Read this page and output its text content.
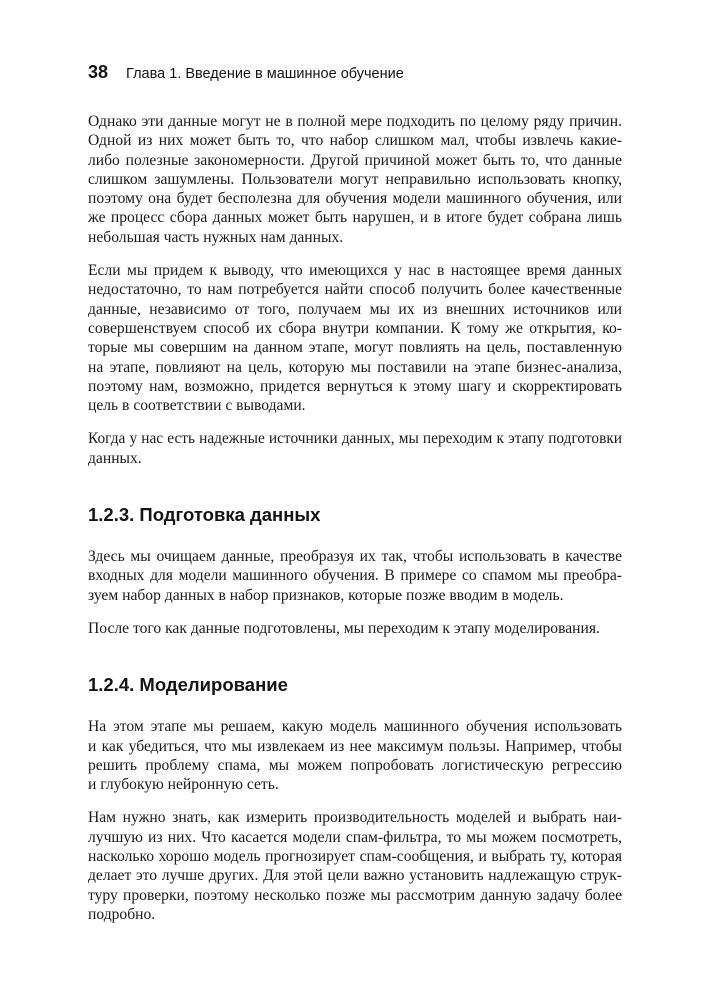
38 Глава 1. Введение в машинное обучение

Однако эти данные могут не в полной мере подходить по целому ряду причин.
Одной из них может быть то, что набор слишком мал, чтобы извлечь какие-
либо полезные закономерности. Другой причиной может быть то, что данные
слишком зашумлены. Пользователи могут неправильно использовать кнопку,
поэтому она будет бесполезна для обучения модели машинного обучения, или
же процесс сбора данных может быть нарушен, и в итоге будет собрана лишь
небольшая часть нужных нам данных.

Если мы придем к выводу, что имеющихся у нас в настоящее время данных
недостаточно, то нам потребуется найти способ получить более качественные
данные, независимо от того, получаем мы их из внешних источников или
совершенствуем способ их сбора внутри компании. К тому же открытия, ко-
торые мы совершим на данном этапе, могут повлиять на цель, поставленную
на этапе, повлияют на цель, которую мы поставили на этапе бизнес-анализа,
поэтому нам, возможно, придется вернуться к этому шагу и скорректировать
цель в соответствии с выводами.

Когда у нас есть надежные источники данных, мы переходим к этапу подготовки
данных.

1.2.3. Подготовка данных

Здесь мы очищаем данные, преобразуя их так, чтобы использовать в качестве
входных для модели машинного обучения. В примере со спамом мы преобра-
зуем набор данных в набор признаков, которые позже вводим в модель.

После того как данные подготовлены, мы переходим к этапу моделирования.

1.2.4. Моделирование

На этом этапе мы решаем, какую модель машинного обучения использовать
и как убедиться, что мы извлекаем из нее максимум пользы. Например, чтобы
решить проблему спама, мы можем попробовать логистическую регрессию
и глубокую нейронную сеть.

Нам нужно знать, как измерить производительность моделей и выбрать наи-
лучшую из них. Что касается модели спам-фильтра, то мы можем посмотреть,
насколько хорошо модель прогнозирует спам-сообщения, и выбрать ту, которая
делает это лучше других. Для этой цели важно установить надлежащую струк-
туру проверки, поэтому несколько позже мы рассмотрим данную задачу более
подробно.
